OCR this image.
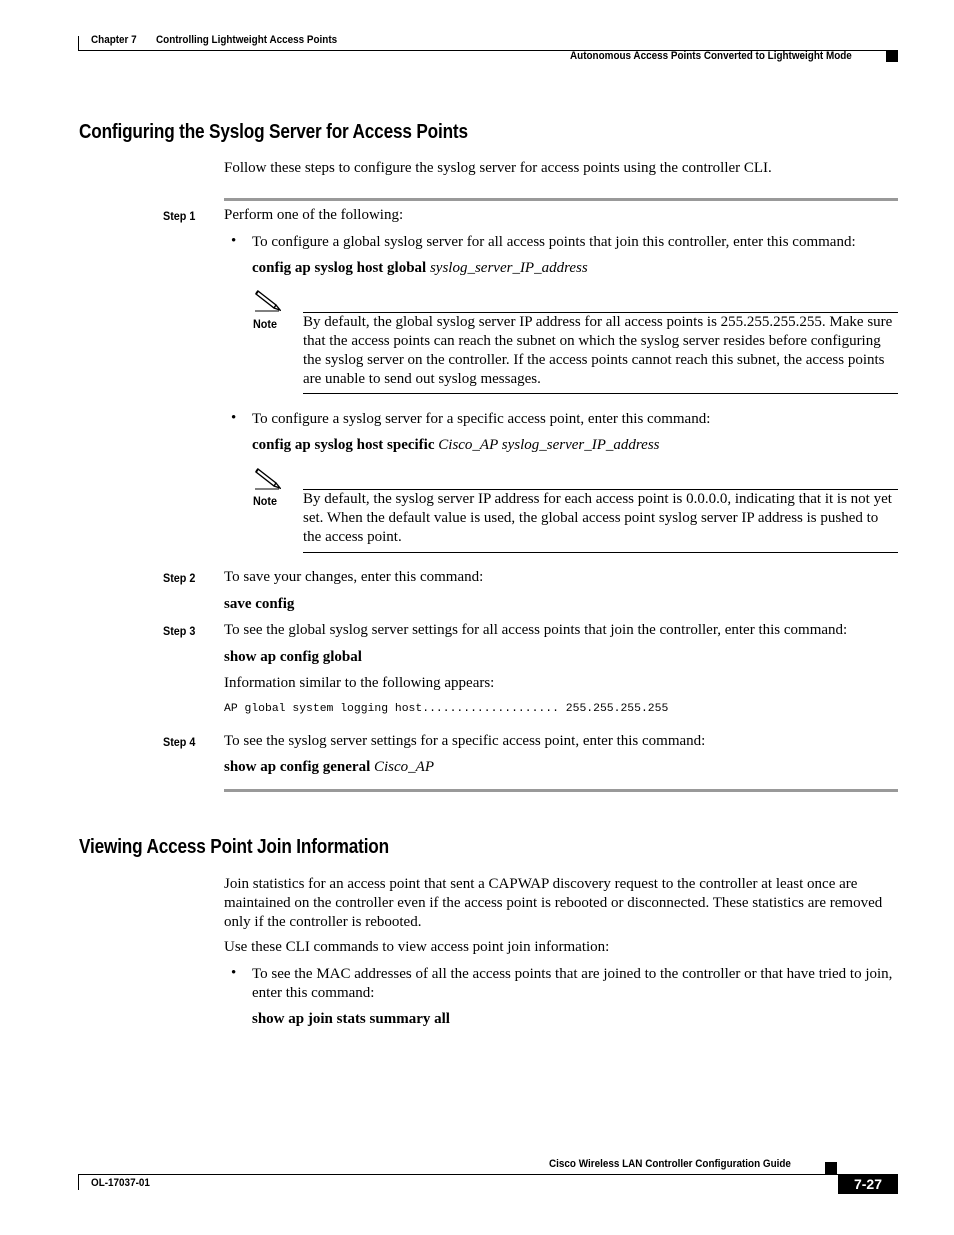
Chapter 7 Controlling Lightweight Access Points
Autonomous Access Points Converted to Lightweight Mode
Configuring the Syslog Server for Access Points
Follow these steps to configure the syslog server for access points using the controller CLI.
Step 1 Perform one of the following:
• To configure a global syslog server for all access points that join this controller, enter this command:
config ap syslog host global syslog_server_IP_address
Note By default, the global syslog server IP address for all access points is 255.255.255.255. Make sure that the access points can reach the subnet on which the syslog server resides before configuring the syslog server on the controller. If the access points cannot reach this subnet, the access points are unable to send out syslog messages.
• To configure a syslog server for a specific access point, enter this command:
config ap syslog host specific Cisco_AP syslog_server_IP_address
Note By default, the syslog server IP address for each access point is 0.0.0.0, indicating that it is not yet set. When the default value is used, the global access point syslog server IP address is pushed to the access point.
Step 2 To save your changes, enter this command:
save config
Step 3 To see the global syslog server settings for all access points that join the controller, enter this command:
show ap config global
Information similar to the following appears:
AP global system logging host.................... 255.255.255.255
Step 4 To see the syslog server settings for a specific access point, enter this command:
show ap config general Cisco_AP
Viewing Access Point Join Information
Join statistics for an access point that sent a CAPWAP discovery request to the controller at least once are maintained on the controller even if the access point is rebooted or disconnected. These statistics are removed only if the controller is rebooted.
Use these CLI commands to view access point join information:
• To see the MAC addresses of all the access points that are joined to the controller or that have tried to join, enter this command:
show ap join stats summary all
Cisco Wireless LAN Controller Configuration Guide
OL-17037-01	7-27
